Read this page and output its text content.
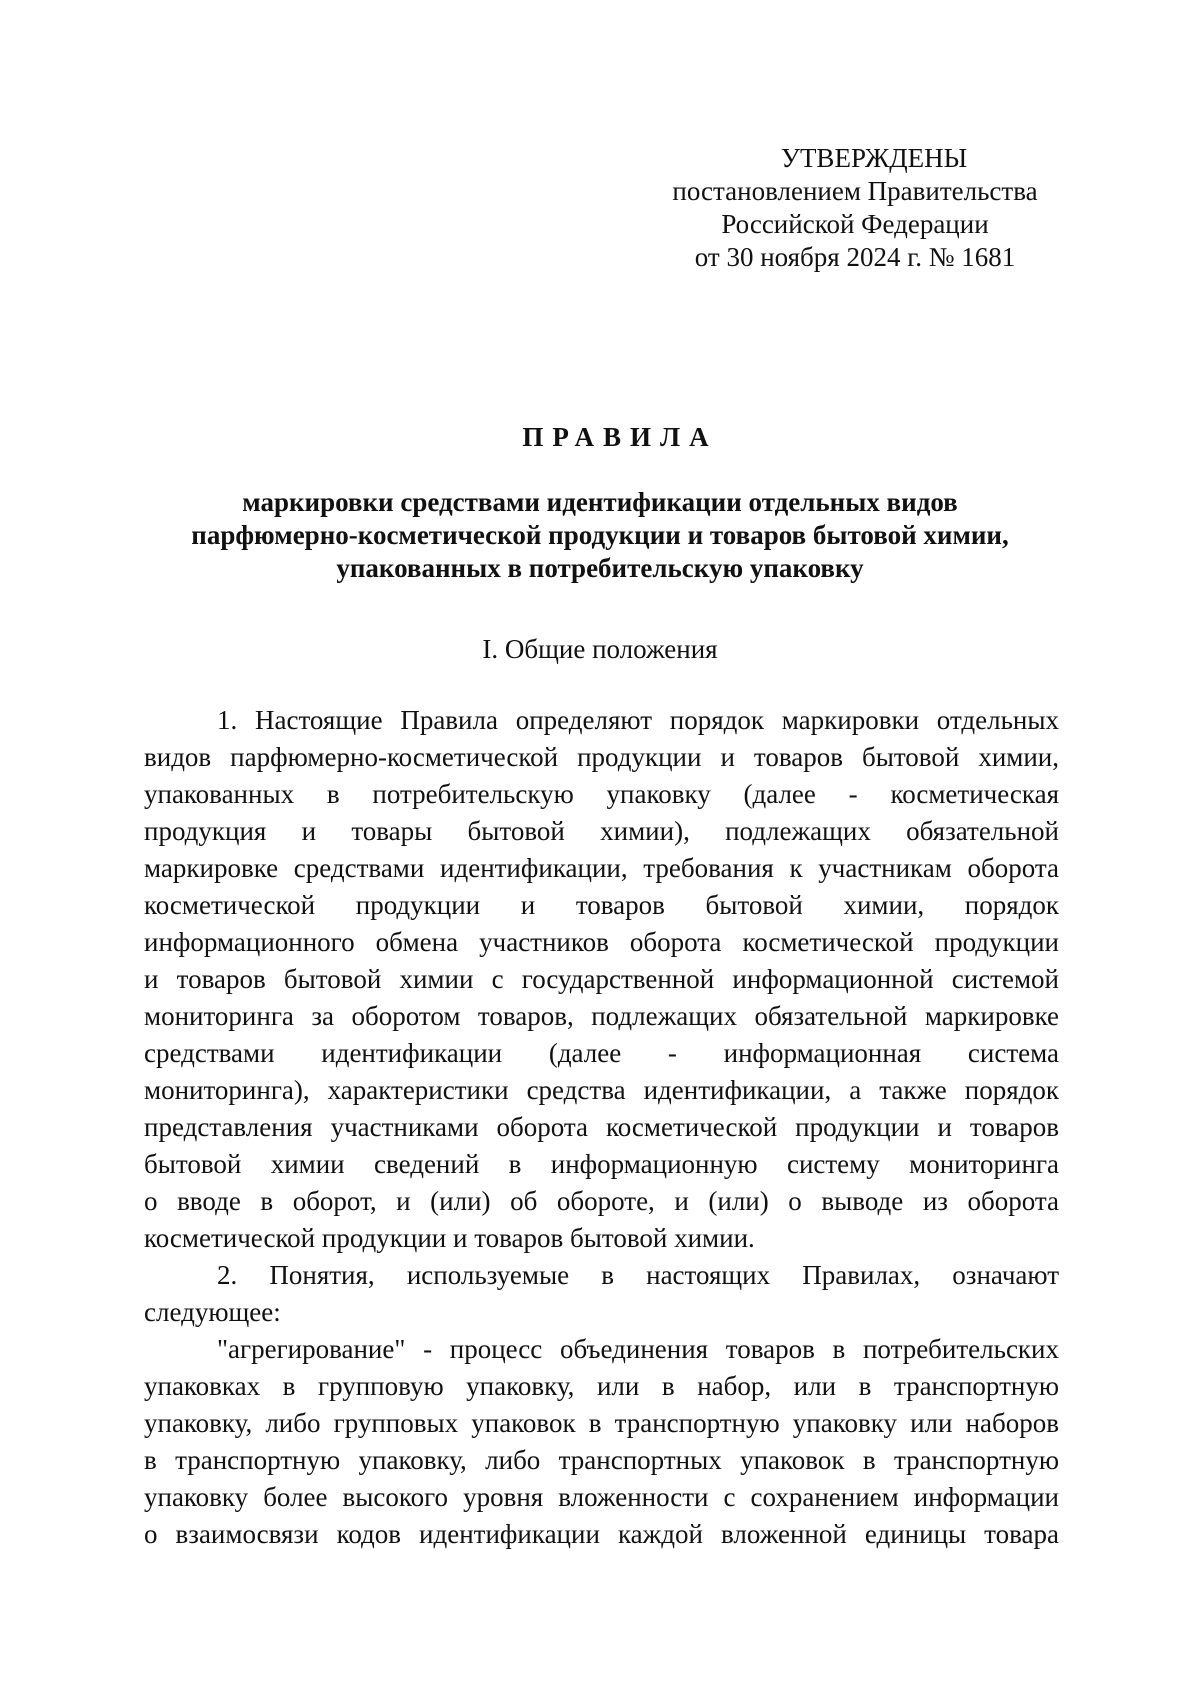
УТВЕРЖДЕНЫ
постановлением Правительства
Российской Федерации
от 30 ноября 2024 г. № 1681
ПРАВИЛА
маркировки средствами идентификации отдельных видов
парфюмерно-косметической продукции и товаров бытовой химии,
упакованных в потребительскую упаковку
I. Общие положения
1. Настоящие Правила определяют порядок маркировки отдельных
видов парфюмерно-косметической продукции и товаров бытовой химии,
упакованных в потребительскую упаковку (далее - косметическая
продукция и товары бытовой химии), подлежащих обязательной
маркировке средствами идентификации, требования к участникам оборота
косметической продукции и товаров бытовой химии, порядок
информационного обмена участников оборота косметической продукции
и товаров бытовой химии с государственной информационной системой
мониторинга за оборотом товаров, подлежащих обязательной маркировке
средствами идентификации (далее - информационная система
мониторинга), характеристики средства идентификации, а также порядок
представления участниками оборота косметической продукции и товаров
бытовой химии сведений в информационную систему мониторинга
о вводе в оборот, и (или) об обороте, и (или) о выводе из оборота
косметической продукции и товаров бытовой химии.
2. Понятия, используемые в настоящих Правилах, означают
следующее:
"агрегирование" - процесс объединения товаров в потребительских
упаковках в групповую упаковку, или в набор, или в транспортную
упаковку, либо групповых упаковок в транспортную упаковку или наборов
в транспортную упаковку, либо транспортных упаковок в транспортную
упаковку более высокого уровня вложенности с сохранением информации
о взаимосвязи кодов идентификации каждой вложенной единицы товара
